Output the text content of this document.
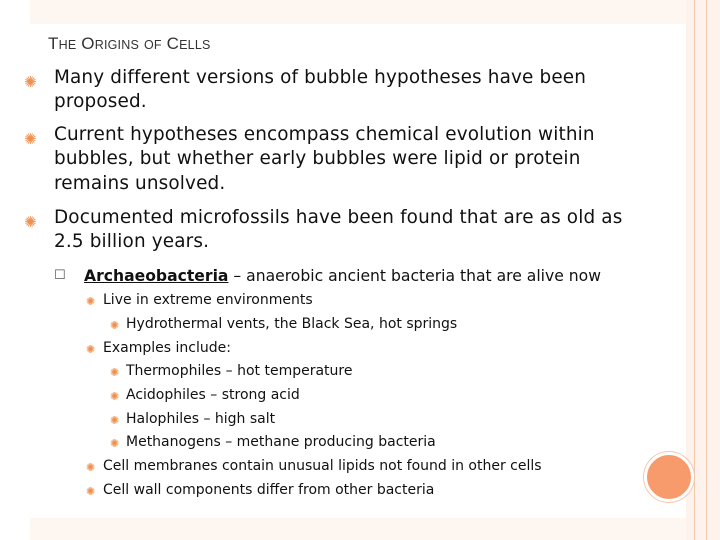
THE ORIGINS OF CELLS
✺ Many different versions of bubble hypotheses have been proposed.
✺ Current hypotheses encompass chemical evolution within bubbles, but whether early bubbles were lipid or protein remains unsolved.
✺ Documented microfossils have been found that are as old as 2.5 billion years.
☐ Archaeobacteria – anaerobic ancient bacteria that are alive now
✺ Live in extreme environments
✺ Hydrothermal vents, the Black Sea, hot springs
✺ Examples include:
✺ Thermophiles – hot temperature
✺ Acidophiles – strong acid
✺ Halophiles – high salt
✺ Methanogens – methane producing bacteria
✺ Cell membranes contain unusual lipids not found in other cells
✺ Cell wall components differ from other bacteria
